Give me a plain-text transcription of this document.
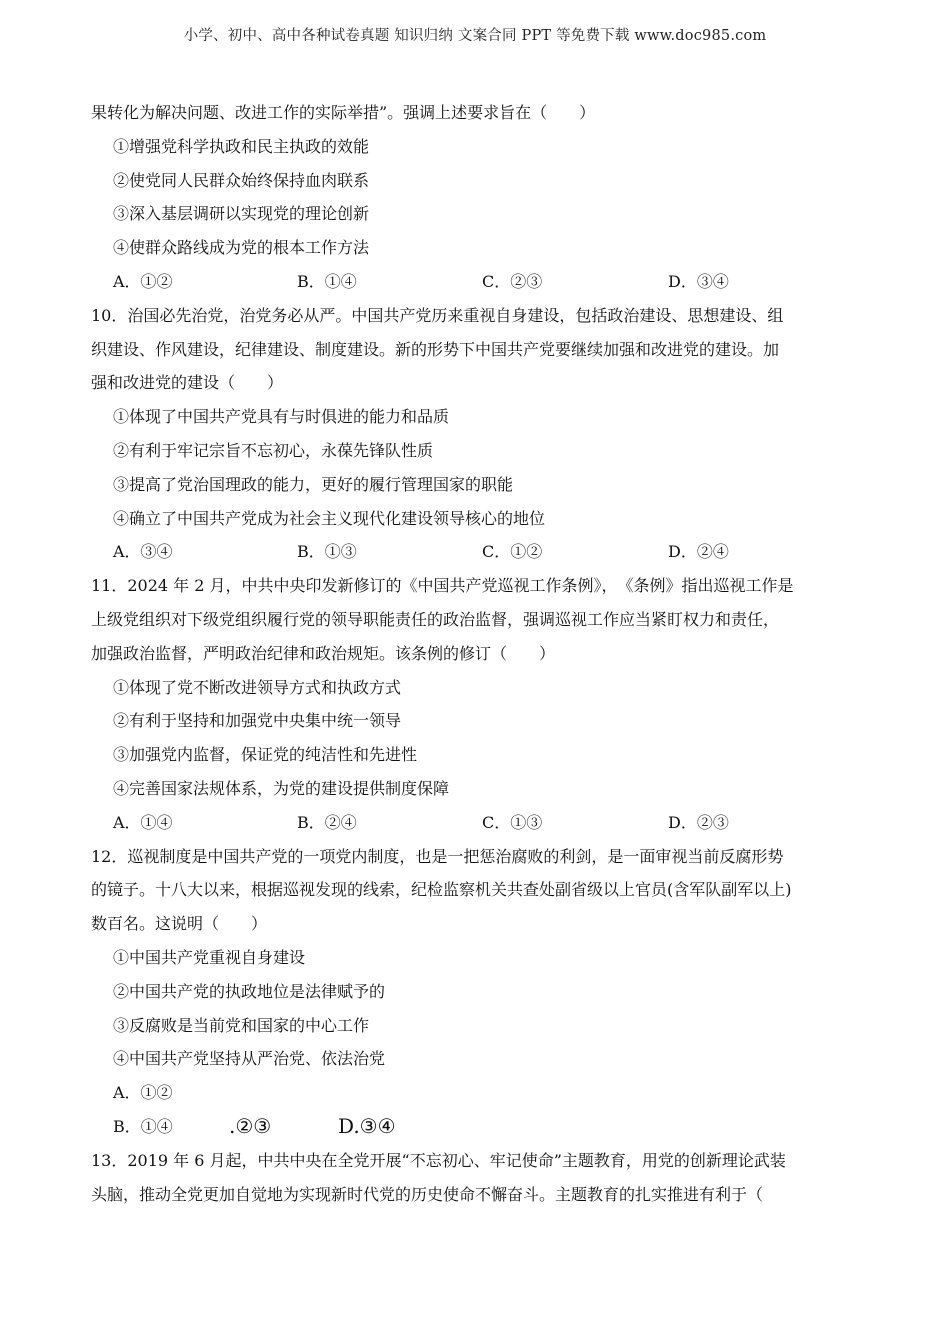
小学、初中、高中各种试卷真题 知识归纳 文案合同 PPT 等免费下载 www.doc985.com
果转化为解决问题、改进工作的实际举措”。强调上述要求旨在（　　）
①增强党科学执政和民主执政的效能
②使党同人民群众始终保持血肉联系
③深入基层调研以实现党的理论创新
④使群众路线成为党的根本工作方法
A．①②	B．①④	C．②③	D．③④
10．治国必先治党，治党务必从严。中国共产党历来重视自身建设，包括政治建设、思想建设、组
织建设、作风建设，纪律建设、制度建设。新的形势下中国共产党要继续加强和改进党的建设。加
强和改进党的建设（　　）
①体现了中国共产党具有与时俱进的能力和品质
②有利于牢记宗旨不忘初心，永葆先锋队性质
③提高了党治国理政的能力，更好的履行管理国家的职能
④确立了中国共产党成为社会主义现代化建设领导核心的地位
A．③④	B．①③	C．①②	D．②④
11．2024 年 2 月，中共中央印发新修订的《中国共产党巡视工作条例》，　《条例》指出巡视工作是
上级党组织对下级党组织履行党的领导职能责任的政治监督，强调巡视工作应当紧盯权力和责任，
加强政治监督，严明政治纪律和政治规矩。该条例的修订（　　）
①体现了党不断改进领导方式和执政方式
②有利于坚持和加强党中央集中统一领导
③加强党内监督，保证党的纯洁性和先进性
④完善国家法规体系，为党的建设提供制度保障
A．①④	B．②④	C．①③	D．②③
12．巡视制度是中国共产党的一项党内制度，也是一把惩治腐败的利剑，是一面审视当前反腐形势
的镜子。十八大以来，根据巡视发现的线索，纪检监察机关共查处副省级以上官员(含军队副军以上)
数百名。这说明（　　）
①中国共产党重视自身建设
②中国共产党的执政地位是法律赋予的
③反腐败是当前党和国家的中心工作
④中国共产党坚持从严治党、依法治党
A．①②
B．①④	.②③	D.③④
13．2019 年 6 月起，中共中央在全党开展“不忘初心、牢记使命”主题教育，用党的创新理论武装
头脑，推动全党更加自觉地为实现新时代党的历史使命不懈奋斗。主题教育的扎实推进有利于（
